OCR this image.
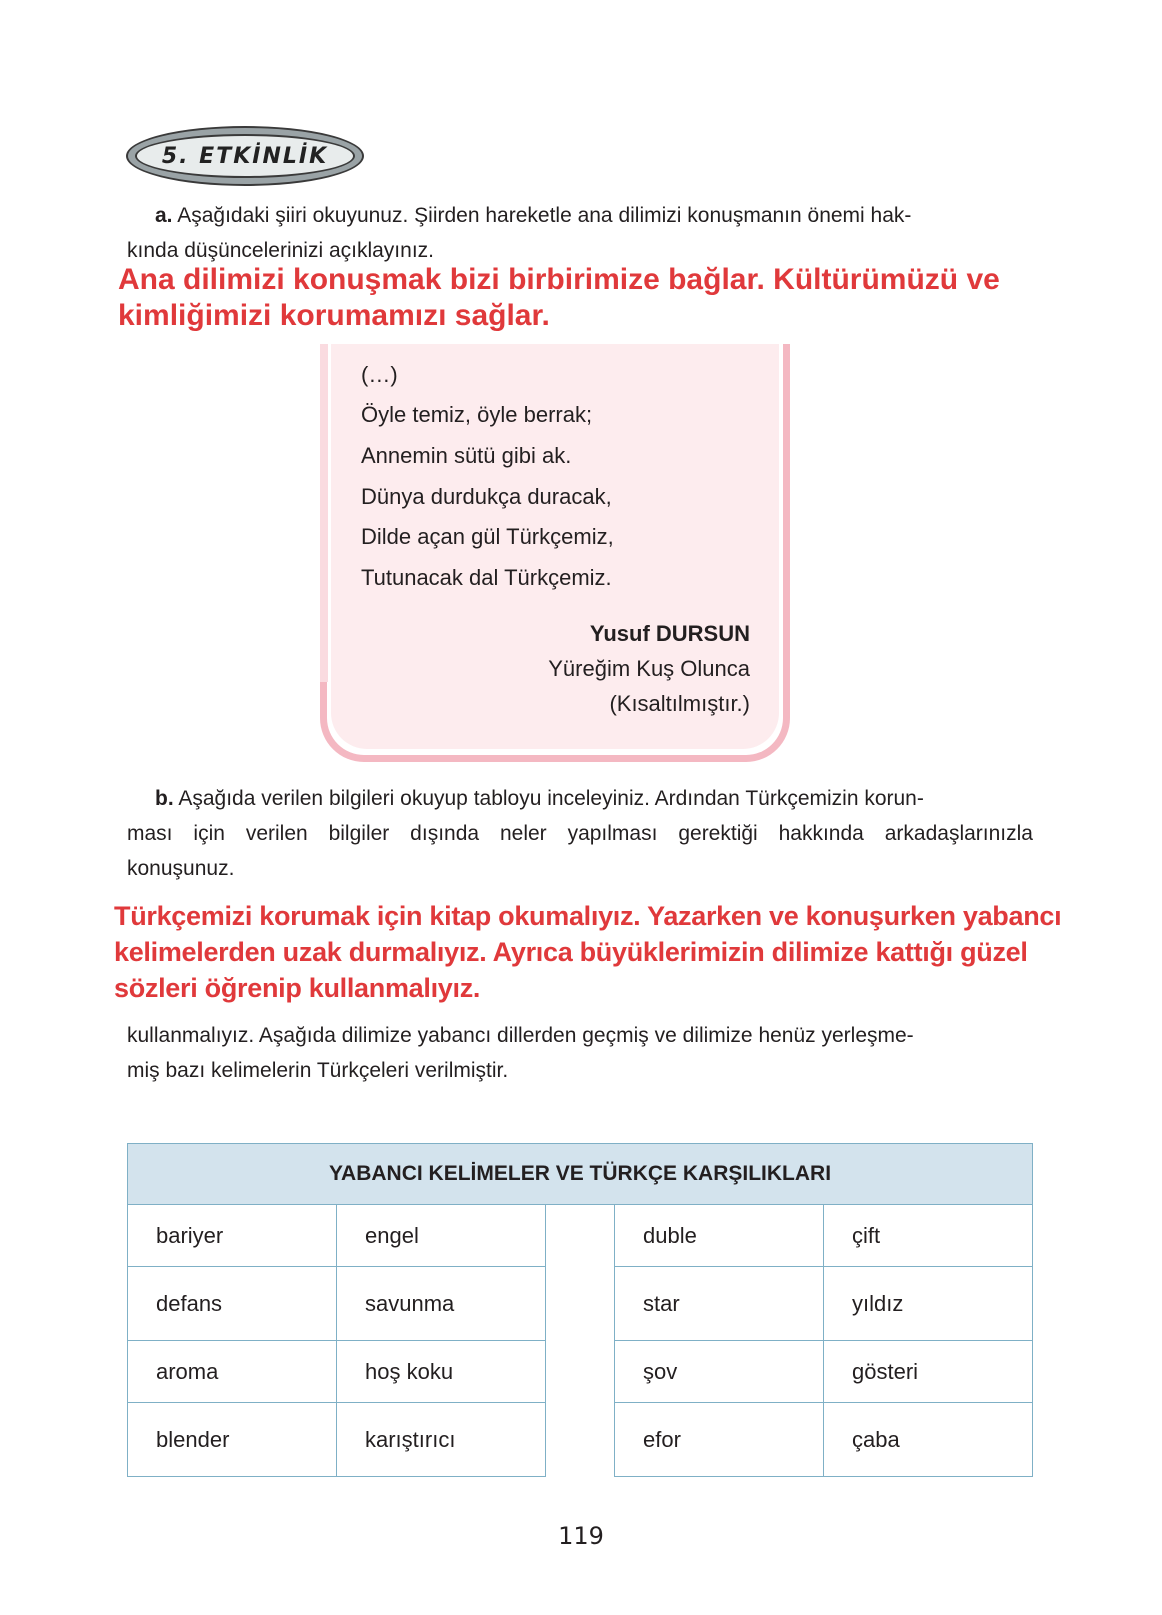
5. ETKİNLİK
a. Aşağıdaki şiiri okuyunuz. Şiirden hareketle ana dilimizi konuşmanın önemi hak-
kında düşüncelerinizi açıklayınız.
Ana dilimizi konuşmak bizi birbirimize bağlar. Kültürümüzü ve
kimliğimizi korumamızı sağlar.
(…)
Öyle temiz, öyle berrak;
Annemin sütü gibi ak.
Dünya durdukça duracak,
Dilde açan gül Türkçemiz,
Tutunacak dal Türkçemiz.
Yusuf DURSUN
Yüreğim Kuş Olunca
(Kısaltılmıştır.)
b. Aşağıda verilen bilgileri okuyup tabloyu inceleyiniz. Ardından Türkçemizin korun-
ması için verilen bilgiler dışında neler yapılması gerektiği hakkında arkadaşlarınızla
konuşunuz.
Türkçemizi korumak için kitap okumalıyız. Yazarken ve konuşurken yabancı
kelimelerden uzak durmalıyız. Ayrıca büyüklerimizin dilimize kattığı güzel
sözleri öğrenip kullanmalıyız.
kullanmalıyız. Aşağıda dilimize yabancı dillerden geçmiş ve dilimize henüz yerleşme-
miş bazı kelimelerin Türkçeleri verilmiştir.
YABANCI KELİMELER VE TÜRKÇE KARŞILIKLARI
bariyer	engel
defans	savunma
aroma	hoş koku
blender	karıştırıcı
duble	çift
star	yıldız
şov	gösteri
efor	çaba
119
